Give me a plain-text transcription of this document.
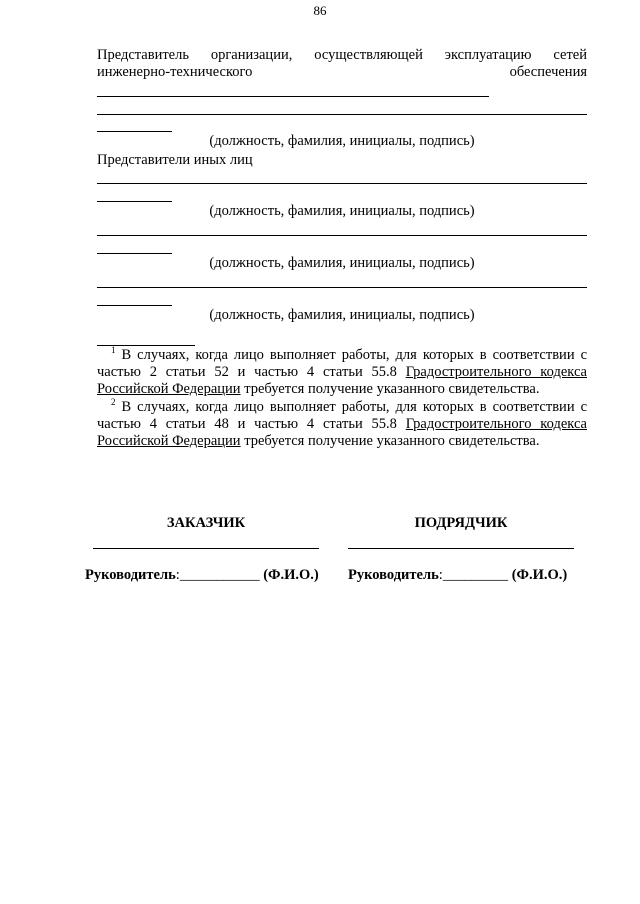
86
Представитель организации, осуществляющей эксплуатацию сетей
инженерно-технического	обеспечения
(должность, фамилия, инициалы, подпись)
Представители иных лиц
(должность, фамилия, инициалы, подпись)
(должность, фамилия, инициалы, подпись)
(должность, фамилия, инициалы, подпись)
$^1$ В случаях, когда лицо выполняет работы, для которых в соответствии с частью 2 статьи 52 и частью 4 статьи 55.8 Градостроительного кодекса Российской Федерации требуется получение указанного свидетельства.
$^2$ В случаях, когда лицо выполняет работы, для которых в соответствии с частью 4 статьи 48 и частью 4 статьи 55.8 Градостроительного кодекса Российской Федерации требуется получение указанного свидетельства.
ЗАКАЗЧИК	ПОДРЯДЧИК
Руководитель:___________ (Ф.И.О.) Руководитель:_________ (Ф.И.О.)
